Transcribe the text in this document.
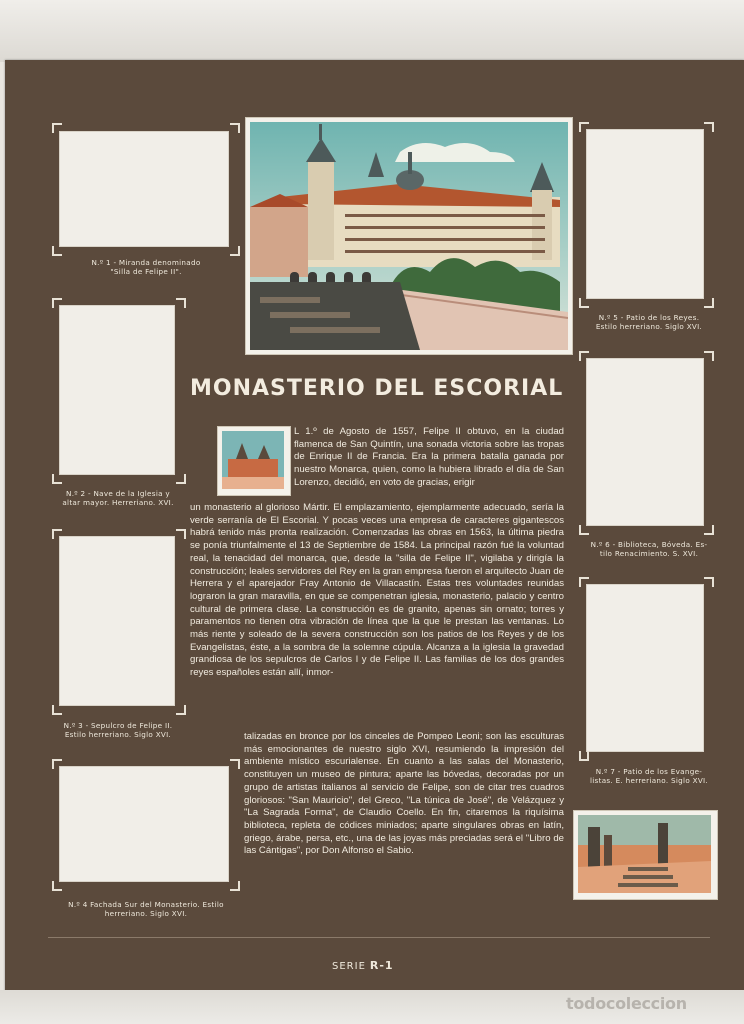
N.º 1 - Miranda denominado
"Silla de Felipe II".
N.º 2 - Nave de la Iglesia y
altar mayor. Herreriano. XVI.
N.º 3 - Sepulcro de Felipe II.
Estilo herreriano. Siglo XVI.
N.º 4 Fachada Sur del Monasterio. Estilo
herreriano. Siglo XVI.
N.º 5 - Patio de los Reyes.
Estilo herreriano. Siglo XVI.
N.º 6 - Biblioteca, Bóveda. Es-
tilo Renacimiento. S. XVI.
N.º 7 - Patio de los Evange-
listas. E. herreriano. Siglo XVI.
MONASTERIO DEL ESCORIAL

L 1.º de Agosto de 1557, Felipe II obtuvo, en la ciudad flamenca de San Quintín, una sonada victoria sobre las tropas de Enrique II de Francia. Era la primera batalla ganada por nuestro Monarca, quien, como la hubiera librado el día de San Lorenzo, decidió, en voto de gracias, erigir

un monasterio al glorioso Mártir. El emplazamiento, ejemplarmente adecuado, sería la verde serranía de El Escorial. Y pocas veces una empresa de caracteres gigantescos habrá tenido más pronta realización. Comenzadas las obras en 1563, la última piedra se ponía triunfalmente el 13 de Septiembre de 1584. La principal razón fué la voluntad real, la tenacidad del monarca, que, desde la "silla de Felipe II", vigilaba y dirigía la construcción; leales servidores del Rey en la gran empresa fueron el arquitecto Juan de Herrera y el aparejador Fray Antonio de Villacastín. Estas tres voluntades reunidas lograron la gran maravilla, en que se compenetran iglesia, monasterio, palacio y centro cultural de primera clase. La construcción es de granito, apenas sin ornato; torres y paramentos no tienen otra vibración de línea que la que le prestan las ventanas. Lo más riente y soleado de la severa construcción son los patios de los Reyes y de los Evangelistas, éste, a la sombra de la solemne cúpula. Alcanza a la iglesia la gravedad grandiosa de los sepulcros de Carlos I y de Felipe II. Las familias de los dos grandes reyes españoles están allí, inmor-

talizadas en bronce por los cinceles de Pompeo Leoni; son las esculturas más emocionantes de nuestro siglo XVI, resumiendo la impresión del ambiente místico escurialense. En cuanto a las salas del Monasterio, constituyen un museo de pintura; aparte las bóvedas, decoradas por un grupo de artistas italianos al servicio de Felipe, son de citar tres cuadros gloriosos: "San Mauricio", del Greco, "La túnica de José", de Velázquez y "La Sagrada Forma", de Claudio Coello. En fin, citaremos la riquísima biblioteca, repleta de códices miniados; aparte singulares obras en latín, griego, árabe, persa, etc., una de las joyas más preciadas será el "Libro de las Cántigas", por Don Alfonso el Sabio.

SERIE R-1
todocoleccion
